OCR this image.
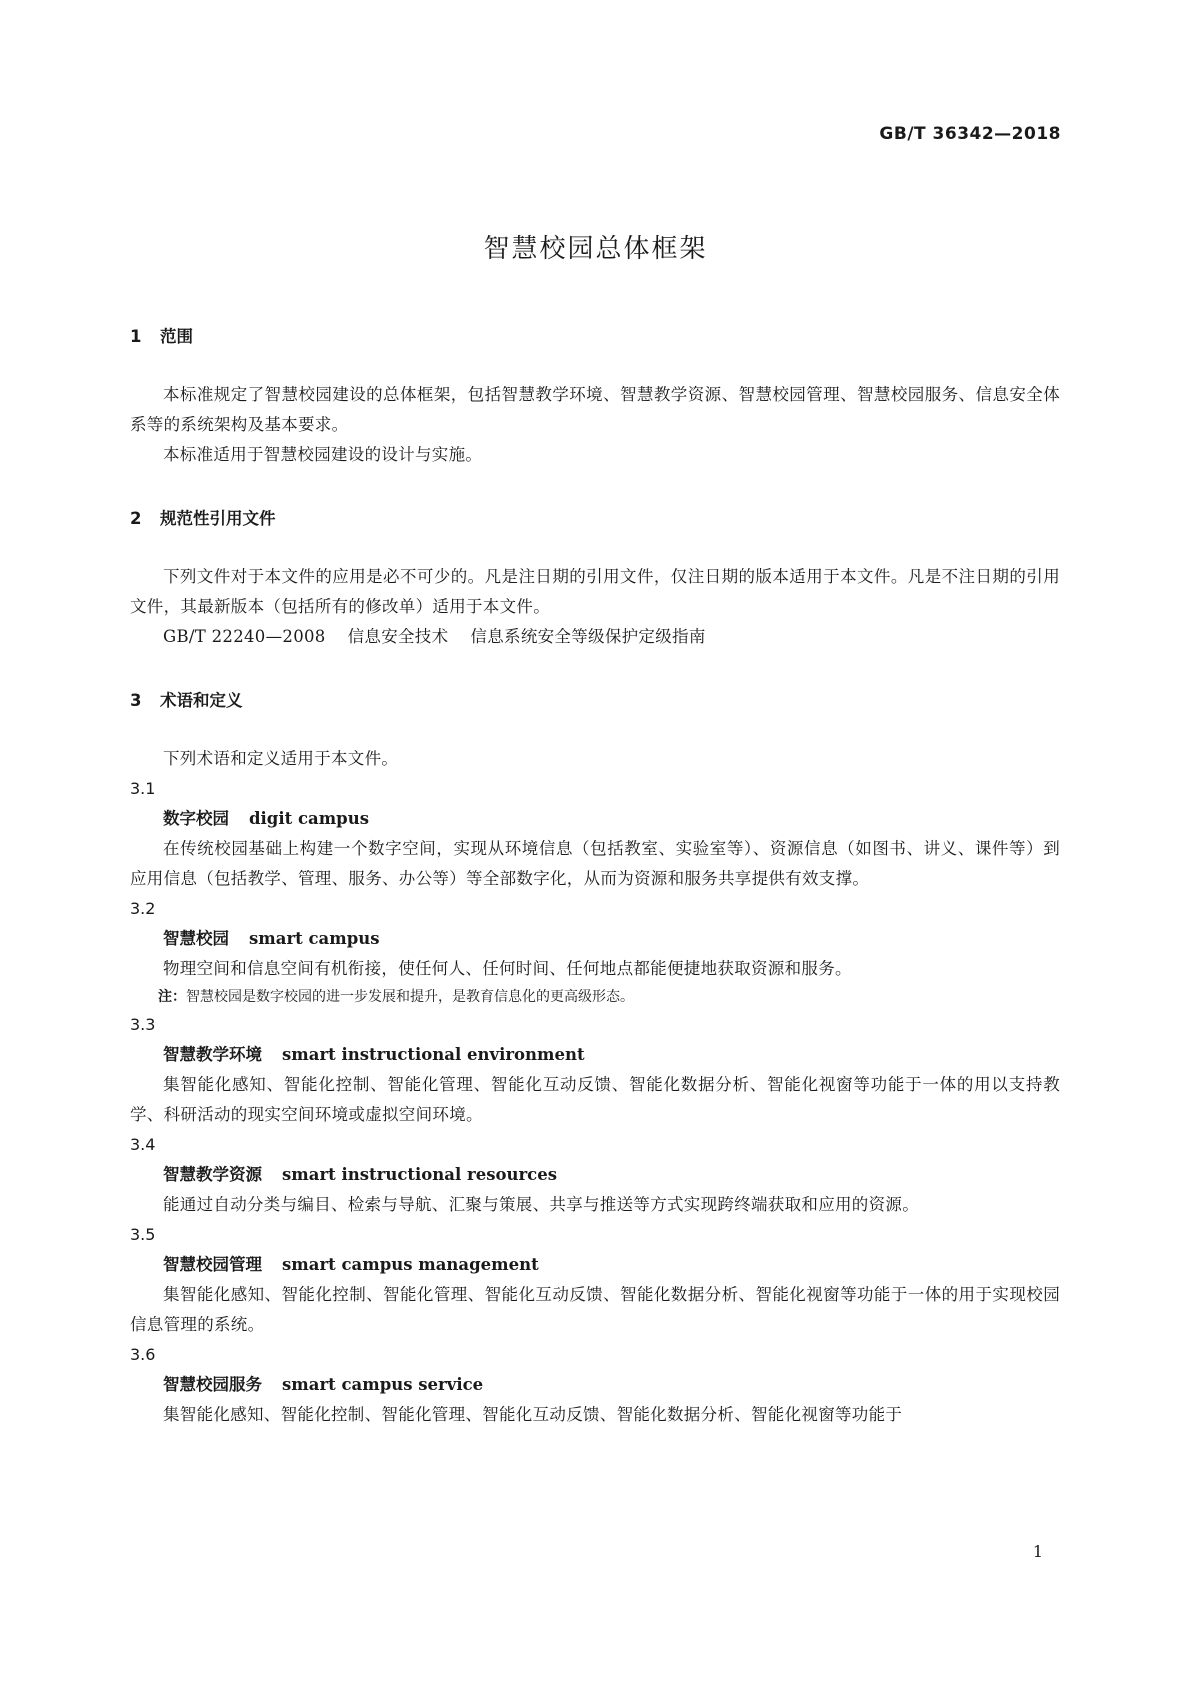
GB/T 36342—2018
智慧校园总体框架

1 范围

本标准规定了智慧校园建设的总体框架，包括智慧教学环境、智慧教学资源、智慧校园管理、智慧校园服务、信息安全体系等的系统架构及基本要求。

本标准适用于智慧校园建设的设计与实施。

2 规范性引用文件

下列文件对于本文件的应用是必不可少的。凡是注日期的引用文件，仅注日期的版本适用于本文件。凡是不注日期的引用文件，其最新版本（包括所有的修改单）适用于本文件。

GB/T 22240—2008 信息安全技术 信息系统安全等级保护定级指南

3 术语和定义

下列术语和定义适用于本文件。

3.1

数字校园 digit campus

在传统校园基础上构建一个数字空间，实现从环境信息（包括教室、实验室等）、资源信息（如图书、讲义、课件等）到应用信息（包括教学、管理、服务、办公等）等全部数字化，从而为资源和服务共享提供有效支撑。

3.2

智慧校园 smart campus

物理空间和信息空间有机衔接，使任何人、任何时间、任何地点都能便捷地获取资源和服务。

注：智慧校园是数字校园的进一步发展和提升，是教育信息化的更高级形态。

3.3

智慧教学环境 smart instructional environment

集智能化感知、智能化控制、智能化管理、智能化互动反馈、智能化数据分析、智能化视窗等功能于一体的用以支持教学、科研活动的现实空间环境或虚拟空间环境。

3.4

智慧教学资源 smart instructional resources

能通过自动分类与编目、检索与导航、汇聚与策展、共享与推送等方式实现跨终端获取和应用的资源。

3.5

智慧校园管理 smart campus management

集智能化感知、智能化控制、智能化管理、智能化互动反馈、智能化数据分析、智能化视窗等功能于一体的用于实现校园信息管理的系统。

3.6

智慧校园服务 smart campus service

集智能化感知、智能化控制、智能化管理、智能化互动反馈、智能化数据分析、智能化视窗等功能于

1
